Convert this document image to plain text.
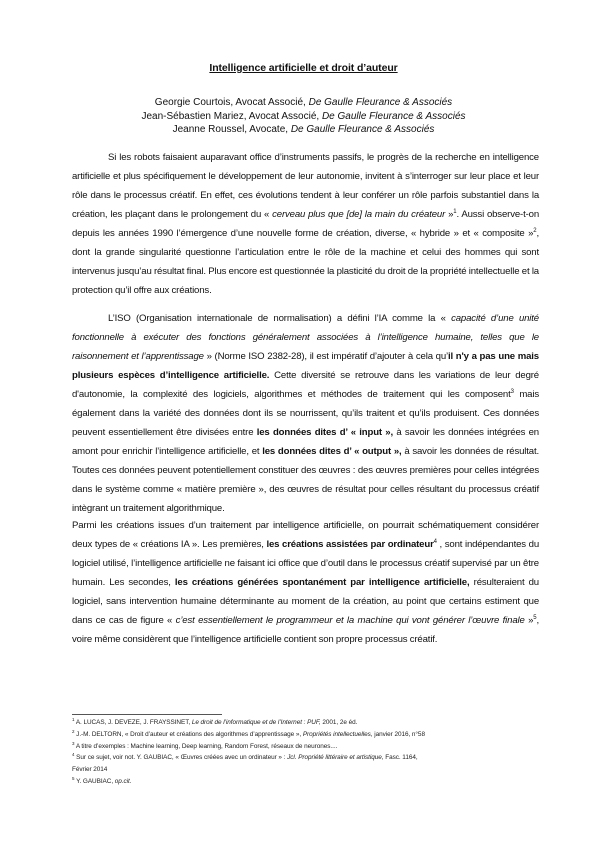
Intelligence artificielle et droit d’auteur
Georgie Courtois, Avocat Associé, De Gaulle Fleurance & Associés
Jean-Sébastien Mariez, Avocat Associé, De Gaulle Fleurance & Associés
Jeanne Roussel, Avocate, De Gaulle Fleurance & Associés

Si les robots faisaient auparavant office d’instruments passifs, le progrès de la recherche en intelligence artificielle et plus spécifiquement le développement de leur autonomie, invitent à s’interroger sur leur place et leur rôle dans le processus créatif. En effet, ces évolutions tendent à leur conférer un rôle parfois substantiel dans la création, les plaçant dans le prolongement du « cerveau plus que [de] la main du créateur »$^1$. Aussi observe-t-on depuis les années 1990 l’émergence d’une nouvelle forme de création, diverse, « hybride » et « composite »$^2$, dont la grande singularité questionne l’articulation entre le rôle de la machine et celui des hommes qui sont intervenus jusqu’au résultat final. Plus encore est questionnée la plasticité du droit de la propriété intellectuelle et la protection qu’il offre aux créations.

L’ISO (Organisation internationale de normalisation) a défini l’IA comme la « capacité d’une unité fonctionnelle à exécuter des fonctions généralement associées à l’intelligence humaine, telles que le raisonnement et l’apprentissage » (Norme ISO 2382-28), il est impératif d’ajouter à cela qu’il n'y a pas une mais plusieurs espèces d’intelligence artificielle. Cette diversité se retrouve dans les variations de leur degré d'autonomie, la complexité des logiciels, algorithmes et méthodes de traitement qui les composent$^3$ mais également dans la variété des données dont ils se nourrissent, qu’ils traitent et qu’ils produisent. Ces données peuvent essentiellement être divisées entre les données dites d’ « input », à savoir les données intégrées en amont pour enrichir l’intelligence artificielle, et les données dites d’ « output », à savoir les données de résultat. Toutes ces données peuvent potentiellement constituer des œuvres : des œuvres premières pour celles intégrées dans le système comme « matière première », des œuvres de résultat pour celles résultant du processus créatif intègrant un traitement algorithmique.

Parmi les créations issues d’un traitement par intelligence artificielle, on pourrait schématiquement considérer deux types de « créations IA ». Les premières, les créations assistées par ordinateur$^4$ , sont indépendantes du logiciel utilisé, l’intelligence artificielle ne faisant ici office que d’outil dans le processus créatif supervisé par un être humain. Les secondes, les créations générées spontanément par intelligence artificielle, résulteraient du logiciel, sans intervention humaine déterminante au moment de la création, au point que certains estiment que dans ce cas de figure « c’est essentiellement le programmeur et la machine qui vont générer l’œuvre finale »$^5$, voire même considèrent que l’intelligence artificielle contient son propre processus créatif.

$^1$ A. LUCAS, J. DEVEZE, J. FRAYSSINET, Le droit de l’informatique et de l’Internet : PUF, 2001, 2e éd.
$^2$ J.-M. DELTORN, « Droit d’auteur et créations des algorithmes d’apprentissage », Propriétés intellectuelles, janvier 2016, n°58
$^3$ A titre d’exemples : Machine learning, Deep learning, Random Forest, réseaux de neurones....
$^4$ Sur ce sujet, voir not. Y. GAUBIAC, « Œuvres créées avec un ordinateur » : Jcl. Propriété littéraire et artistique, Fasc. 1164,
Février 2014
$^5$ Y. GAUBIAC, op.cit.
